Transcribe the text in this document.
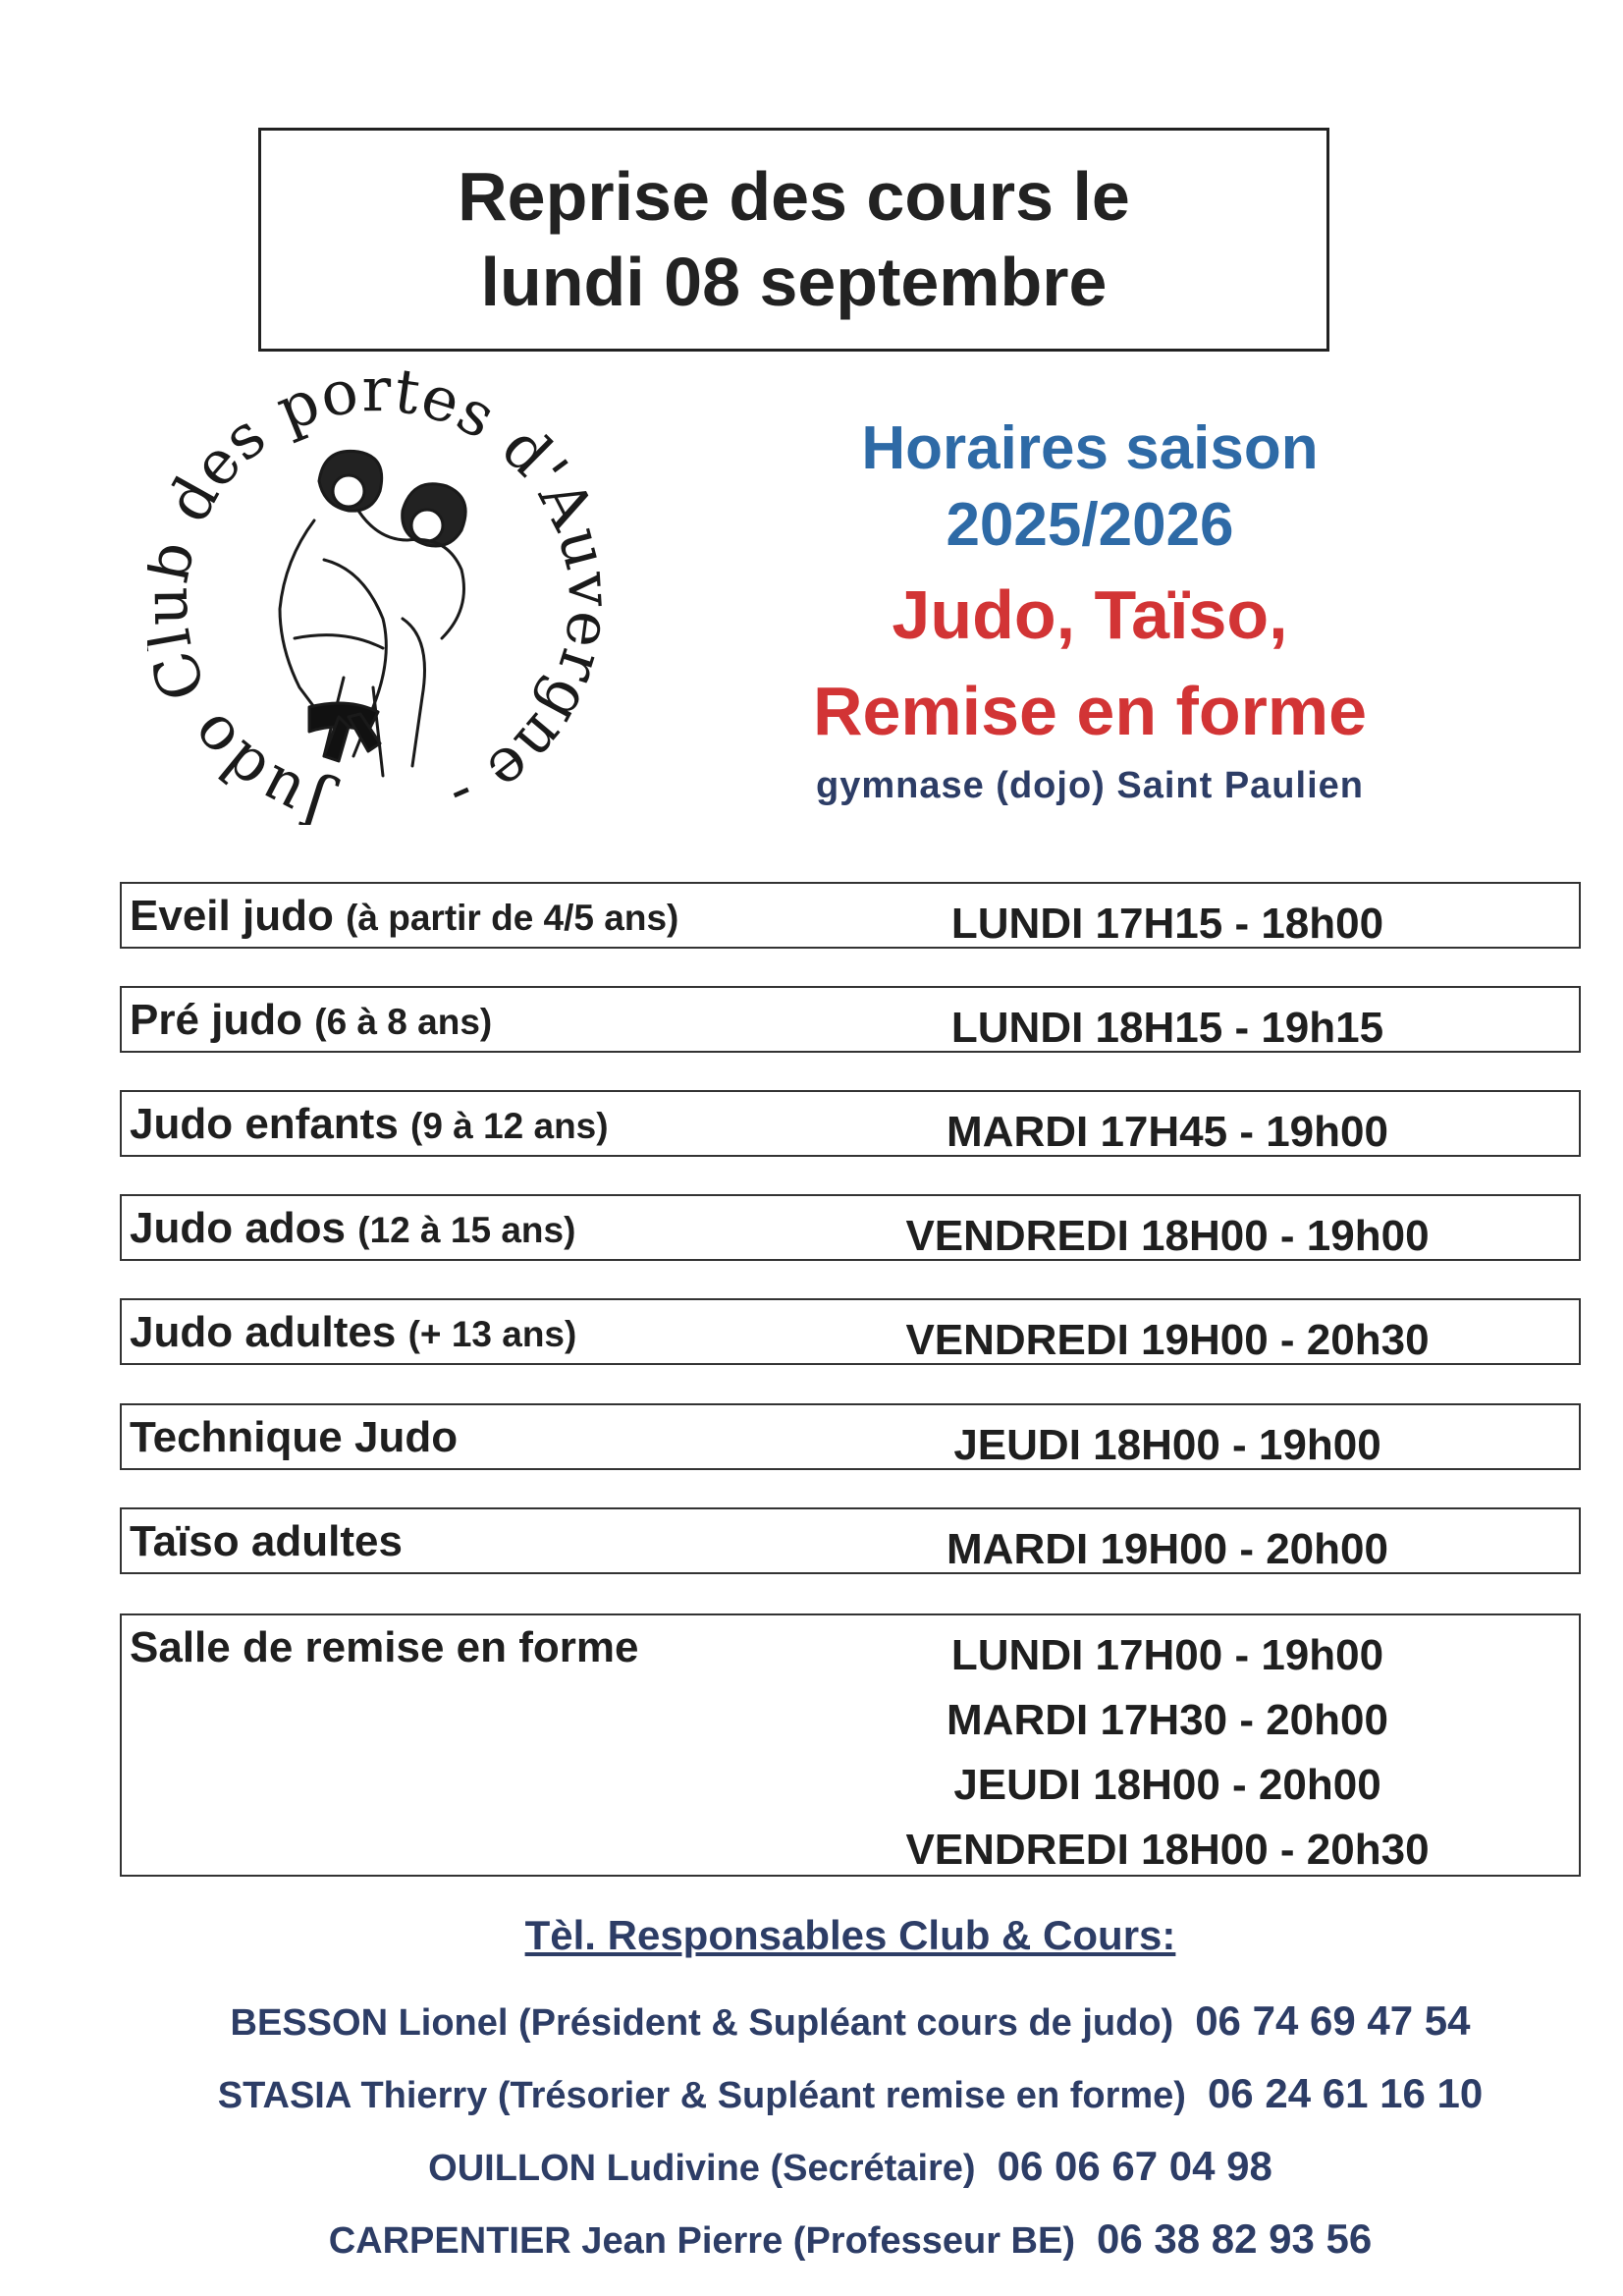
Reprise des cours le
lundi 08 septembre
Judo des portes d'A gne -
Horaires saison
2025/2026
Judo, Taïso,
Remise en forme
gymnase (dojo) Saint Paulien
Eveil judo (à partir de 4/5 ans)	LUNDI 17H15 - 18h00
Pré judo (6 à 8 ans)	LUNDI 18H15 - 19h15
Judo enfants (9 à 12 ans)	MARDI 17H45 - 19h00
Judo ados (12 à 15 ans)	VENDREDI 18H00 - 19h00
Judo adultes (+ 13 ans)	VENDREDI 19H00 - 20h30
Technique Judo	JEUDI 18H00 - 19h00
Taïso adultes	MARDI 19H00 - 20h00
Salle de remise en forme	LUNDI 17H00 - 19h00
MARDI 17H30 - 20h00
JEUDI 18H00 - 20h00
VENDREDI 18H00 - 20h30
Tèl. Responsables Club & Cours:
BESSON Lionel (Président & Supléant cours de judo) 06 74 69 47 54
STASIA Thierry (Trésorier & Supléant remise en forme) 06 24 61 16 10
OUILLON Ludivine (Secrétaire) 06 06 67 04 98
CARPENTIER Jean Pierre (Professeur BE) 06 38 82 93 56
